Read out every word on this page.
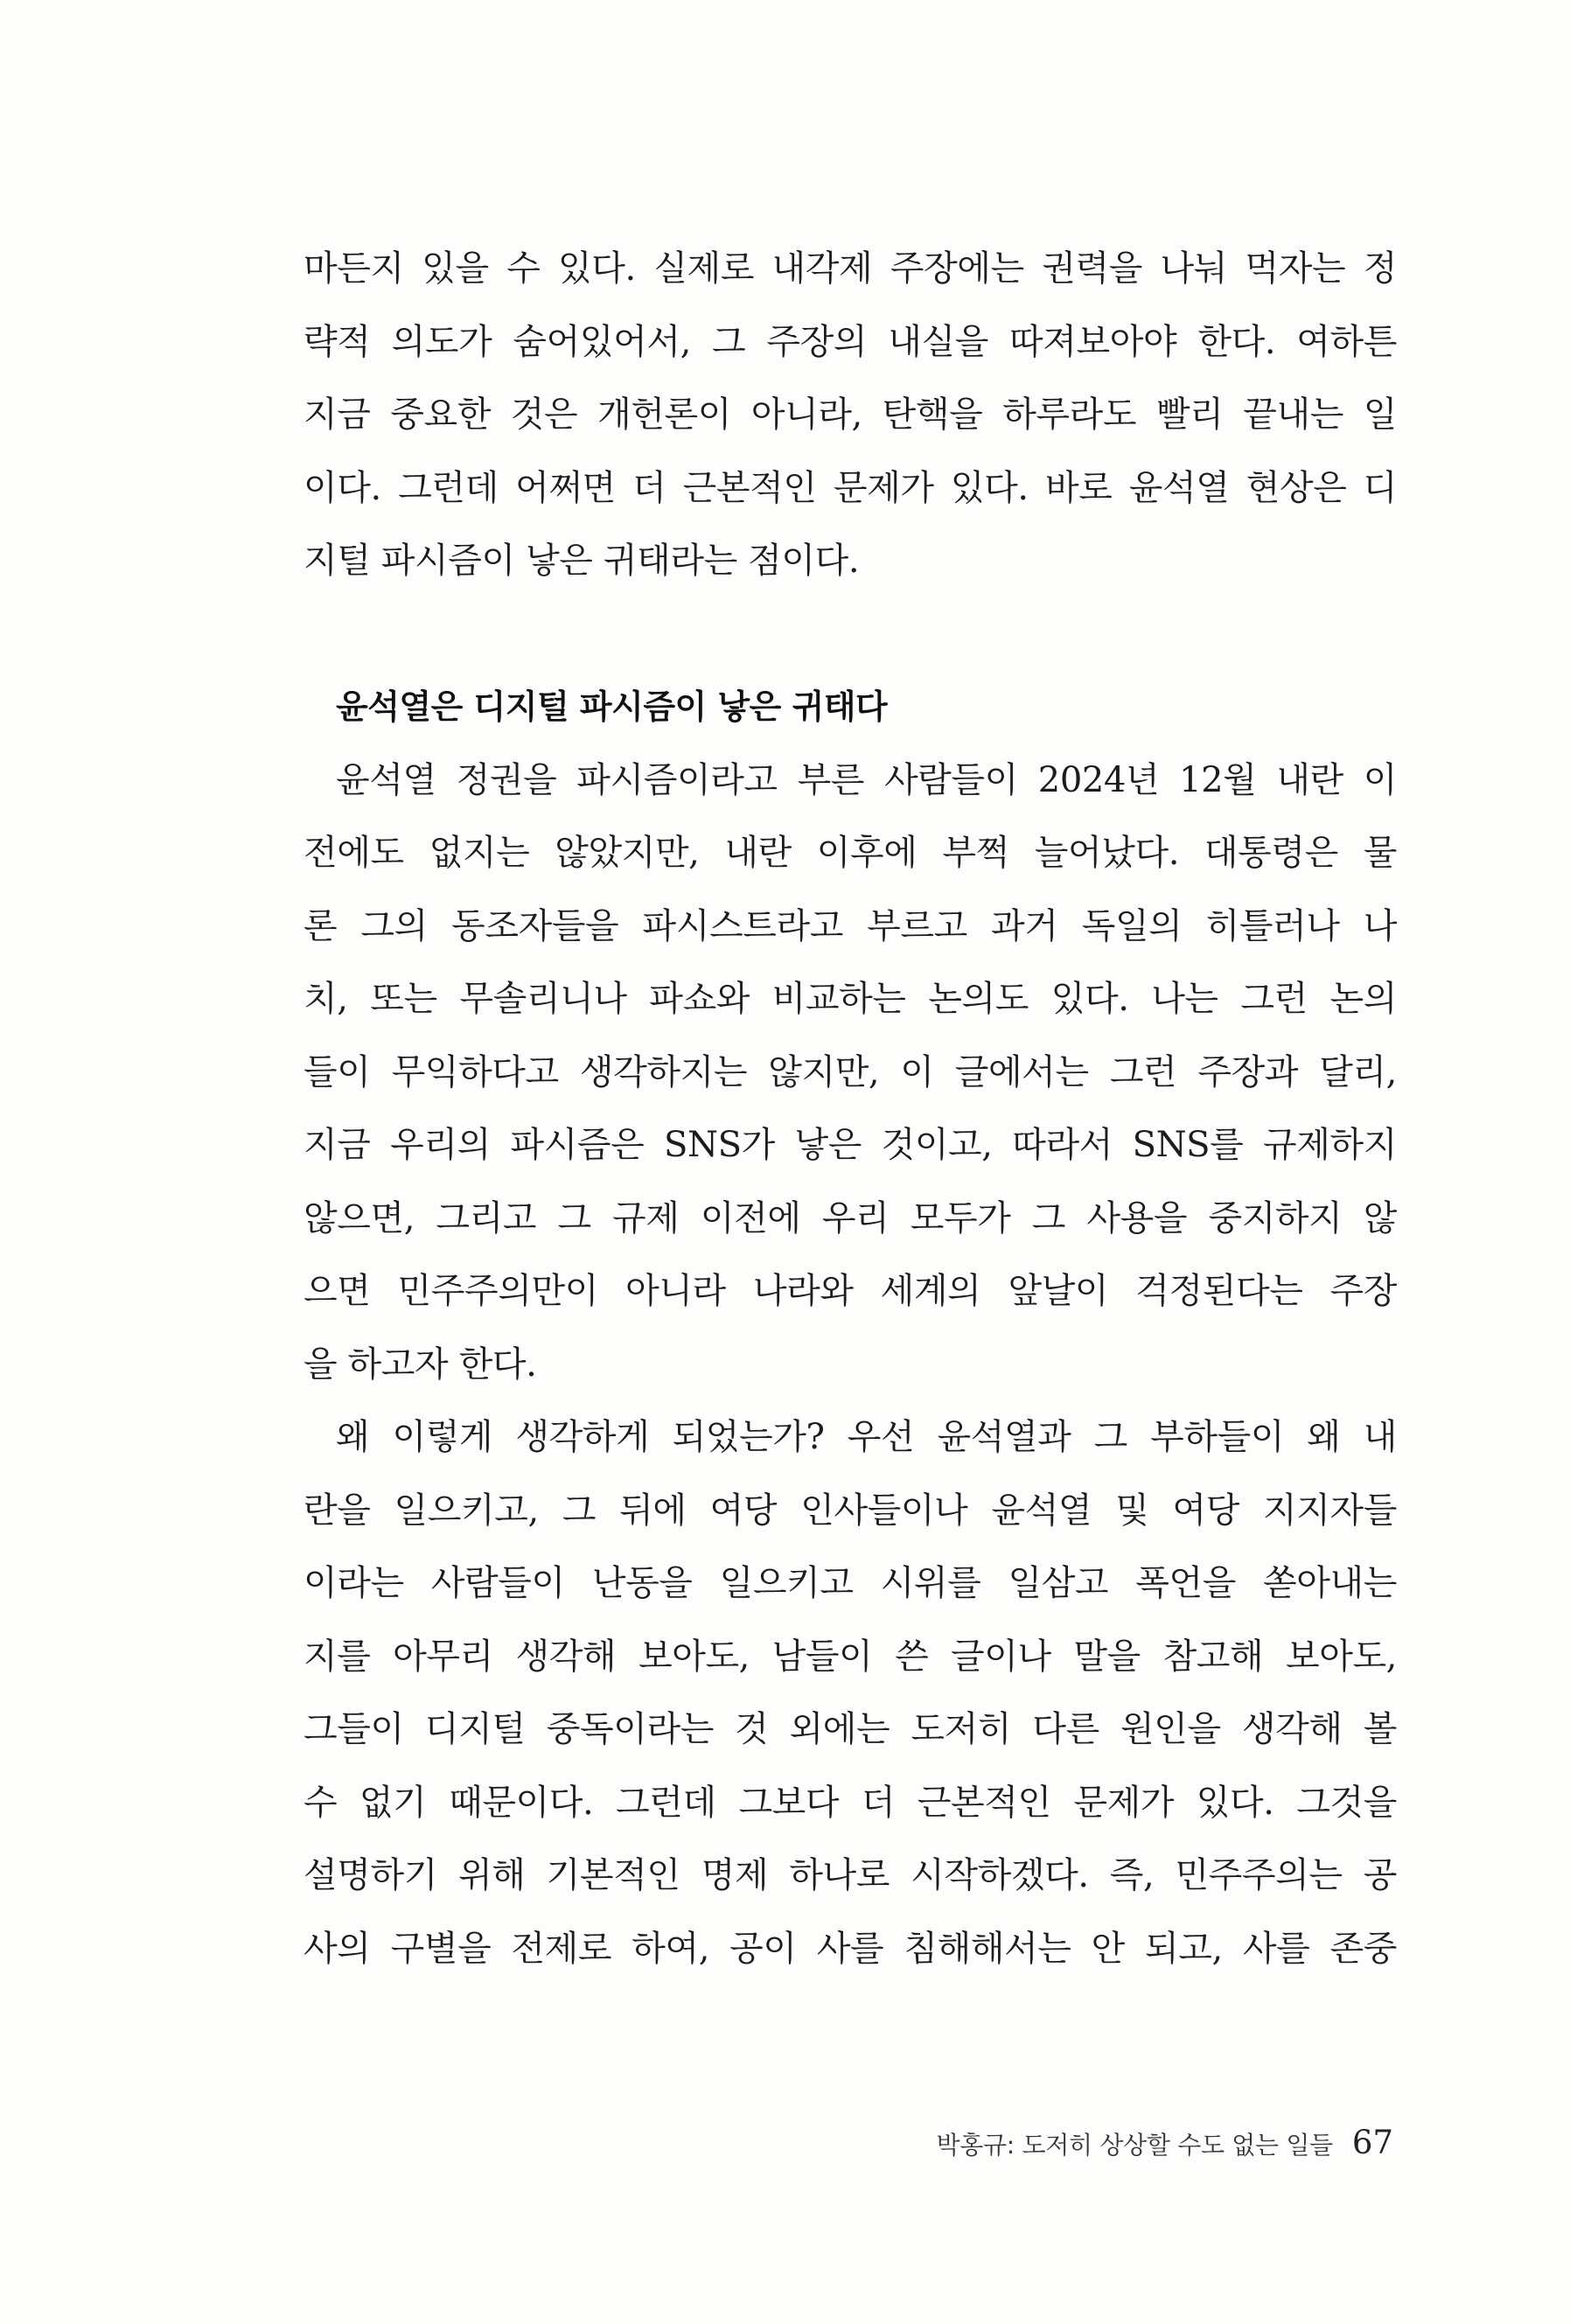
마든지 있을 수 있다. 실제로 내각제 주장에는 권력을 나눠 먹자는 정
략적 의도가 숨어있어서, 그 주장의 내실을 따져보아야 한다. 여하튼
지금 중요한 것은 개헌론이 아니라, 탄핵을 하루라도 빨리 끝내는 일
이다. 그런데 어쩌면 더 근본적인 문제가 있다. 바로 윤석열 현상은 디
지털 파시즘이 낳은 귀태라는 점이다.
윤석열은 디지털 파시즘이 낳은 귀태다
윤석열 정권을 파시즘이라고 부른 사람들이 2024년 12월 내란 이
전에도 없지는 않았지만, 내란 이후에 부쩍 늘어났다. 대통령은 물
론 그의 동조자들을 파시스트라고 부르고 과거 독일의 히틀러나 나
치, 또는 무솔리니나 파쇼와 비교하는 논의도 있다. 나는 그런 논의
들이 무익하다고 생각하지는 않지만, 이 글에서는 그런 주장과 달리,
지금 우리의 파시즘은 SNS가 낳은 것이고, 따라서 SNS를 규제하지
않으면, 그리고 그 규제 이전에 우리 모두가 그 사용을 중지하지 않
으면 민주주의만이 아니라 나라와 세계의 앞날이 걱정된다는 주장
을 하고자 한다.
왜 이렇게 생각하게 되었는가? 우선 윤석열과 그 부하들이 왜 내
란을 일으키고, 그 뒤에 여당 인사들이나 윤석열 및 여당 지지자들
이라는 사람들이 난동을 일으키고 시위를 일삼고 폭언을 쏟아내는
지를 아무리 생각해 보아도, 남들이 쓴 글이나 말을 참고해 보아도,
그들이 디지털 중독이라는 것 외에는 도저히 다른 원인을 생각해 볼
수 없기 때문이다. 그런데 그보다 더 근본적인 문제가 있다. 그것을
설명하기 위해 기본적인 명제 하나로 시작하겠다. 즉, 민주주의는 공
사의 구별을 전제로 하여, 공이 사를 침해해서는 안 되고, 사를 존중
박홍규: 도저히 상상할 수도 없는 일들 67
